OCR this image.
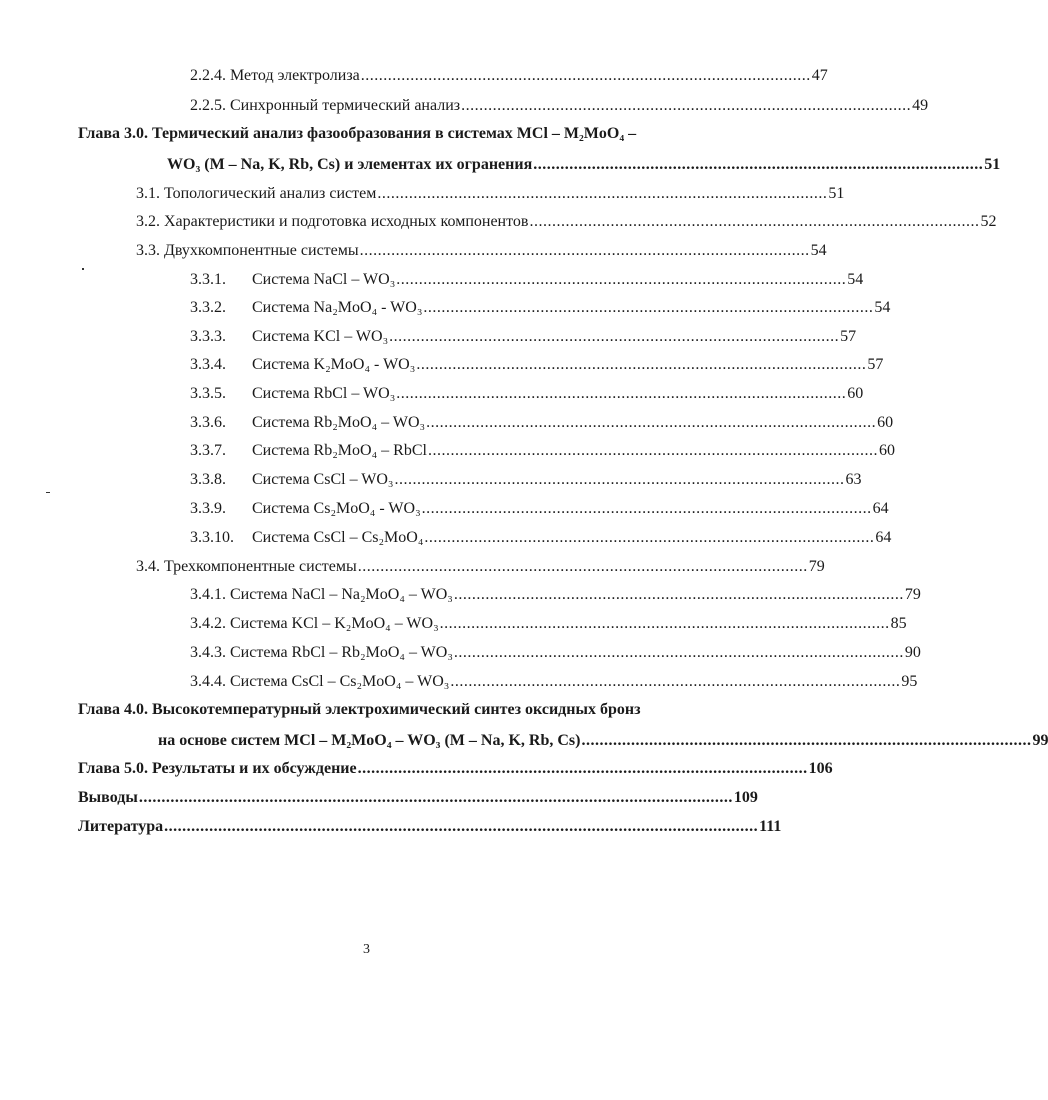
2.2.4. Метод электролиза .................................................................................................... 47
2.2.5. Синхронный термический анализ .................................................................................................... 49
Глава 3.0. Термический анализ фазообразования в системах MCl – M₂MoO₄ –
WO₃ (M – Na, K, Rb, Cs) и элементах их огранения .................................................................................................... 51
3.1. Топологический анализ систем .................................................................................................... 51
3.2. Характеристики и подготовка исходных компонентов .................................................................................................... 52
3.3. Двухкомпонентные системы .................................................................................................... 54
3.3.1. Система NaCl – WO₃ .................................................................................................... 54
3.3.2. Система Na₂MoO₄ - WO₃ .................................................................................................... 54
3.3.3. Система KCl – WO₃ .................................................................................................... 57
3.3.4. Система K₂MoO₄ - WO₃ .................................................................................................... 57
3.3.5. Система RbCl – WO₃ .................................................................................................... 60
3.3.6. Система Rb₂MoO₄ – WO₃ .................................................................................................... 60
3.3.7. Система Rb₂MoO₄ – RbCl .................................................................................................... 60
3.3.8. Система CsCl – WO₃ .................................................................................................... 63
3.3.9. Система Cs₂MoO₄ - WO₃ .................................................................................................... 64
3.3.10. Система CsCl – Cs₂MoO₄ .................................................................................................... 64
3.4. Трехкомпонентные системы .................................................................................................... 79
3.4.1. Система NaCl – Na₂MoO₄ – WO₃ .................................................................................................... 79
3.4.2. Система KCl – K₂MoO₄ – WO₃ .................................................................................................... 85
3.4.3. Система RbCl – Rb₂MoO₄ – WO₃ .................................................................................................... 90
3.4.4. Система CsCl – Cs₂MoO₄ – WO₃ .................................................................................................... 95
Глава 4.0. Высокотемпературный электрохимический синтез оксидных бронз
на основе систем MCl – M₂MoO₄ – WO₃ (M – Na, K, Rb, Cs) .................................................................................................... 99
Глава 5.0. Результаты и их обсуждение .................................................................................................... 106
Выводы .................................................................................................................................... 109
Литература .................................................................................................................................... 111
3
